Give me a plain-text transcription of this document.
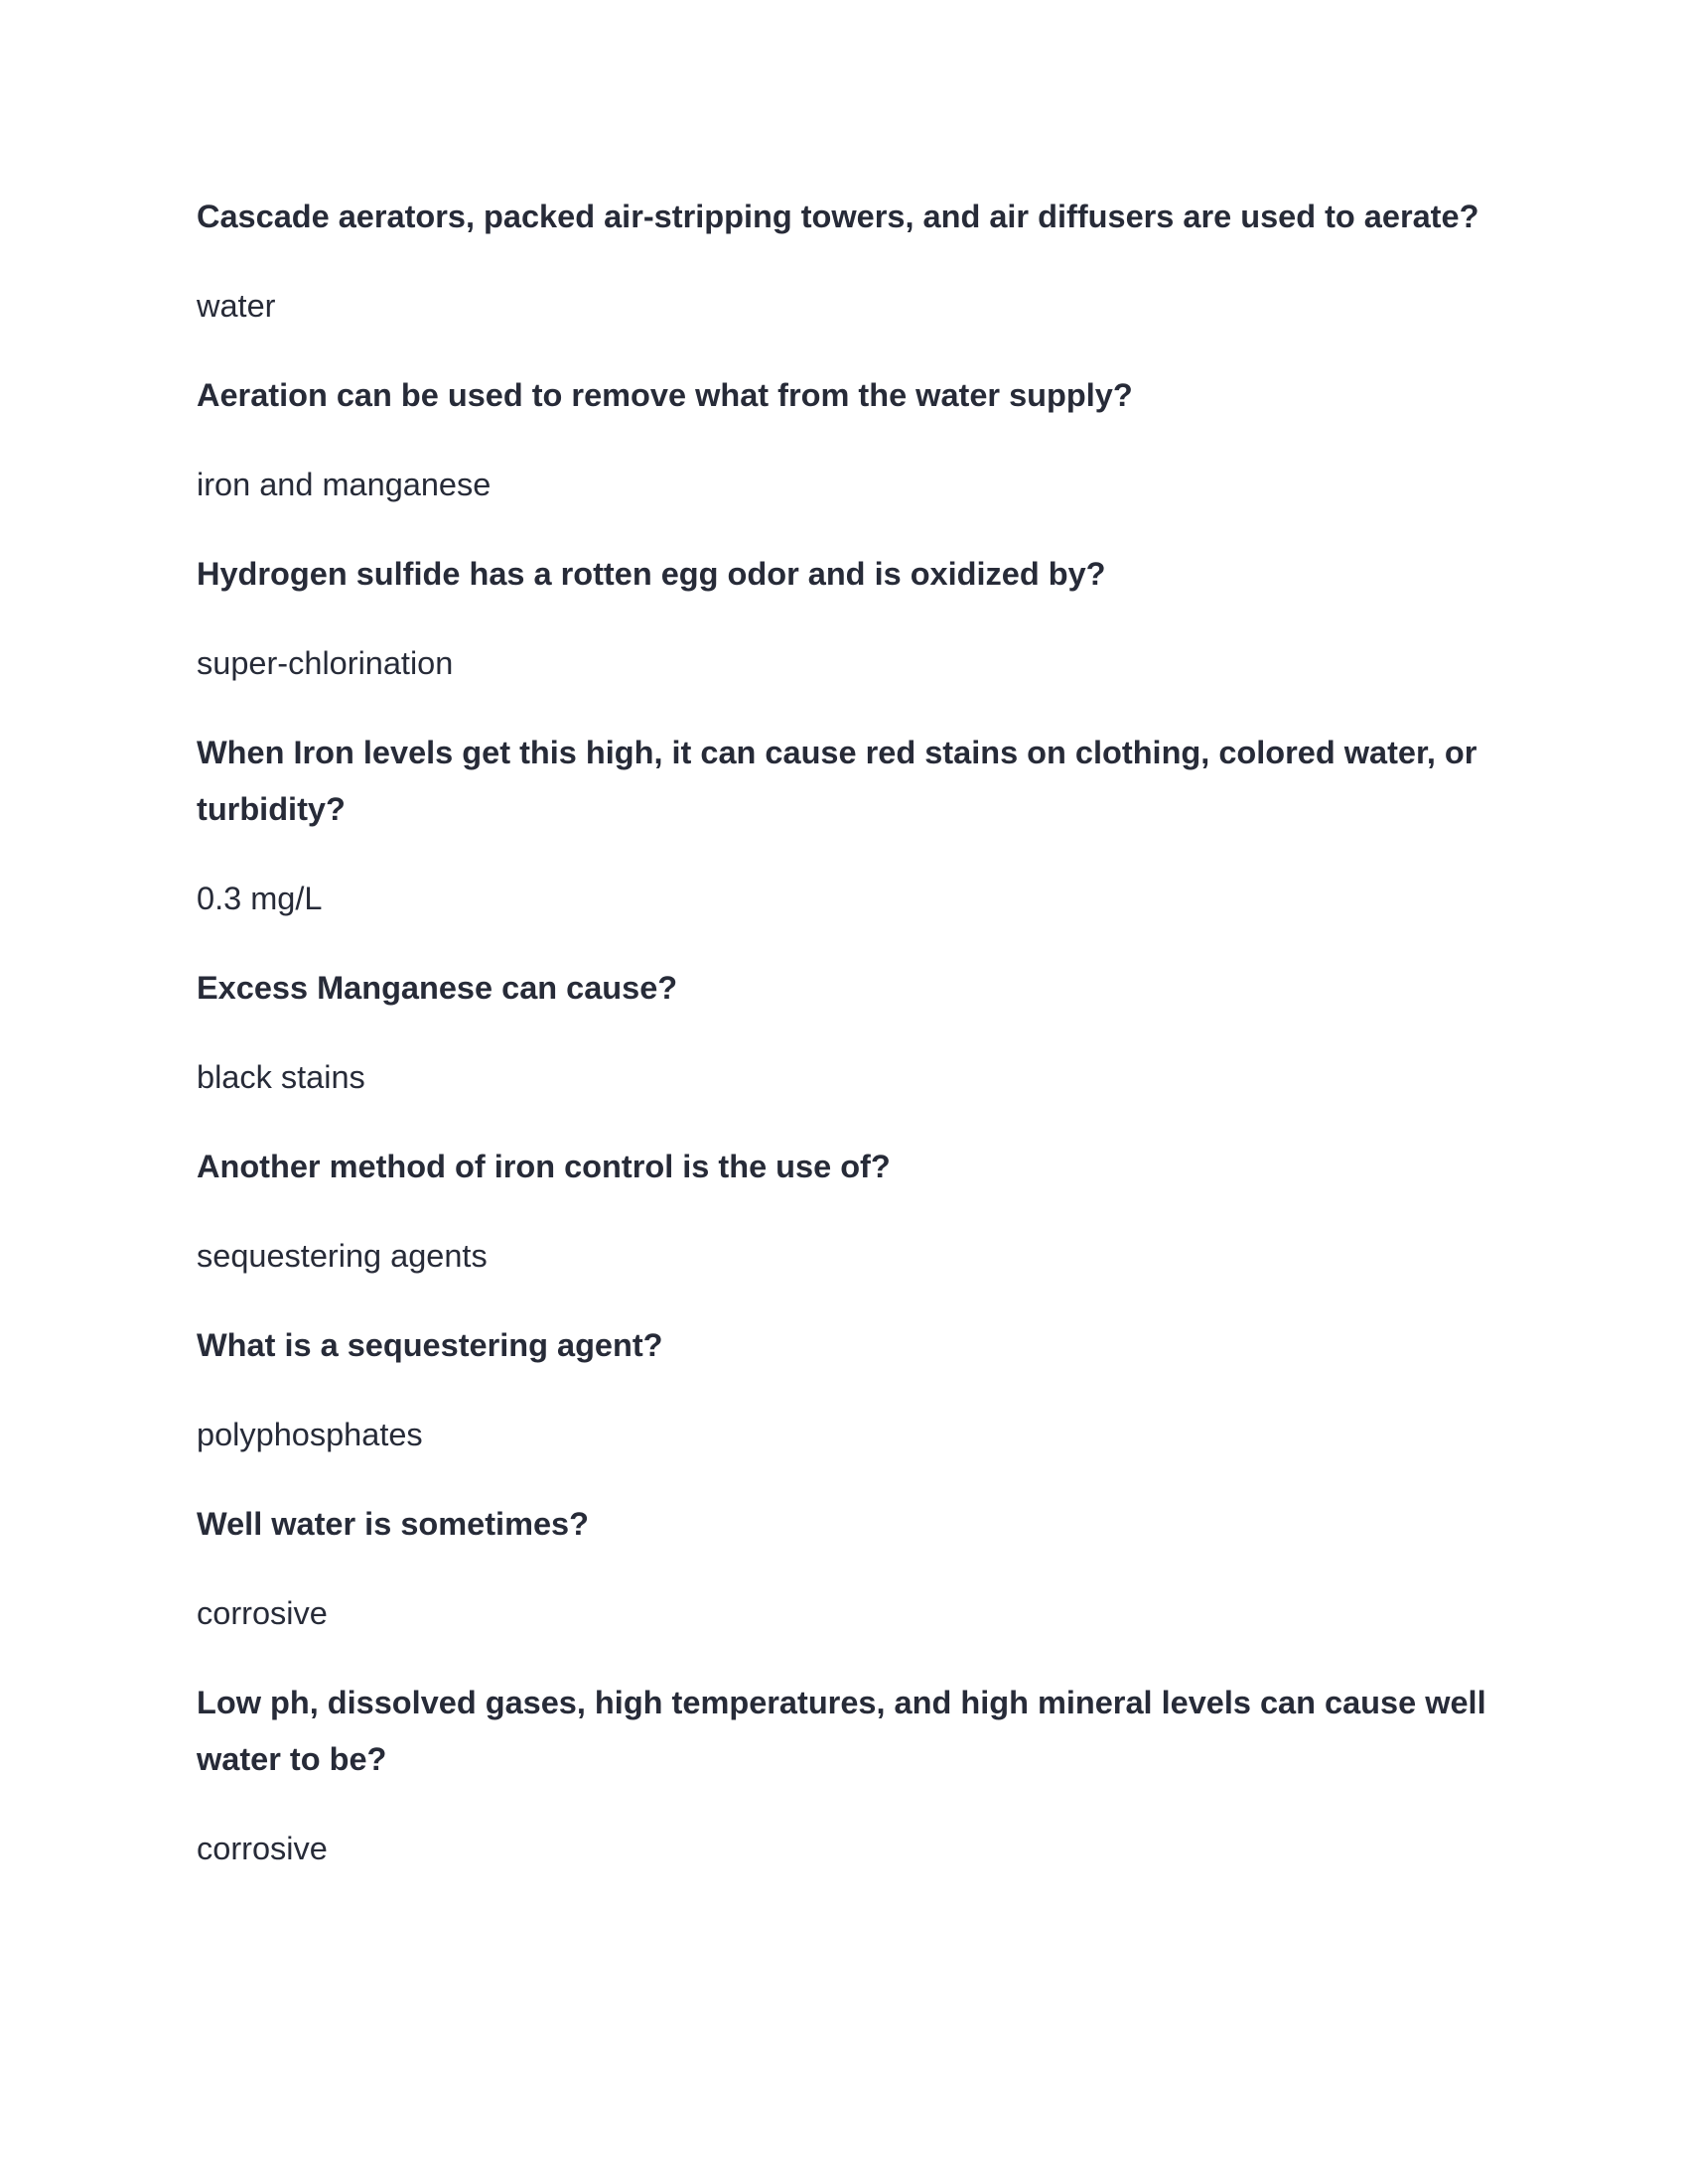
Cascade aerators, packed air-stripping towers, and air diffusers are used to aerate?

water

Aeration can be used to remove what from the water supply?

iron and manganese

Hydrogen sulfide has a rotten egg odor and is oxidized by?

super-chlorination

When Iron levels get this high, it can cause red stains on clothing, colored water, or turbidity?

0.3 mg/L

Excess Manganese can cause?

black stains

Another method of iron control is the use of?

sequestering agents

What is a sequestering agent?

polyphosphates

Well water is sometimes?

corrosive

Low ph, dissolved gases, high temperatures, and high mineral levels can cause well water to be?

corrosive
